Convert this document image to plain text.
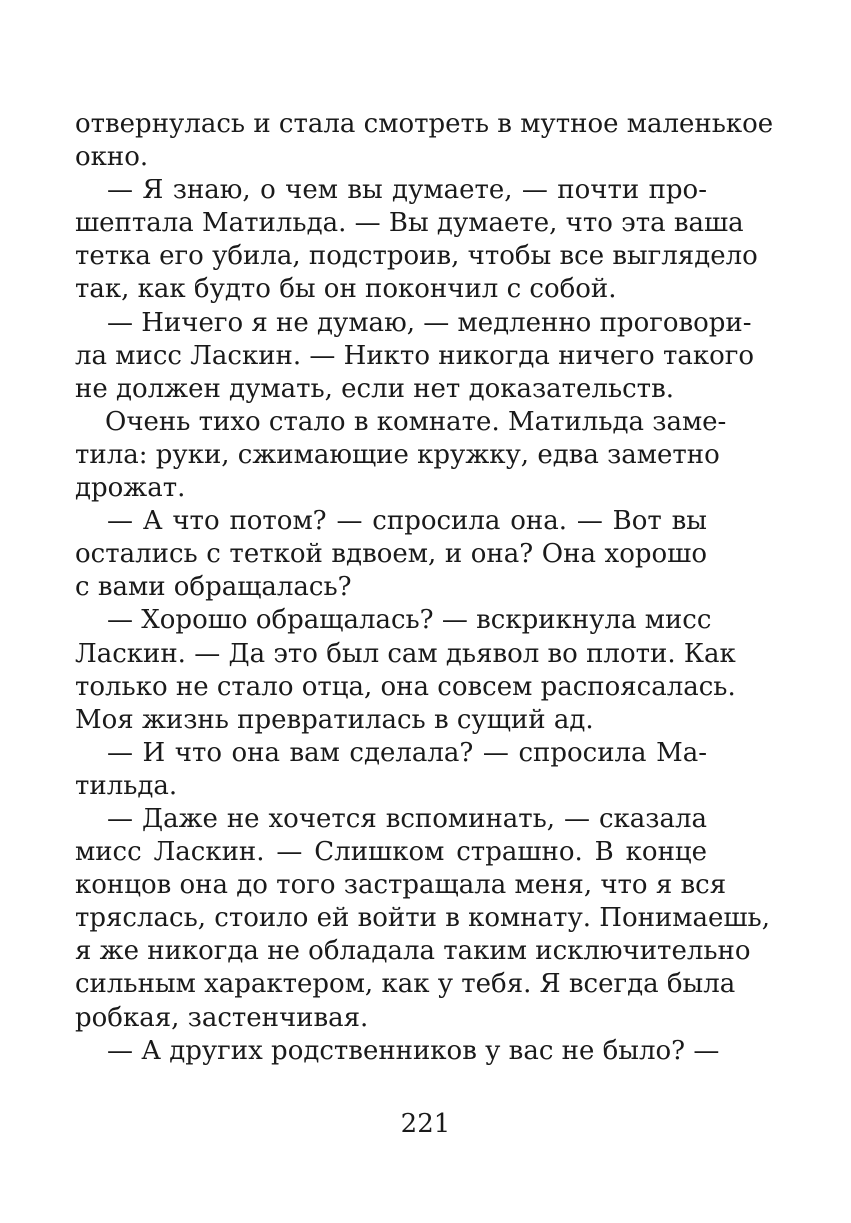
отвернулась и стала смотреть в мутное маленькое
окно.
— Я знаю, о чем вы думаете, — почти про-
шептала Матильда. — Вы думаете, что эта ваша
тетка его убила, подстроив, чтобы все выглядело
так, как будто бы он покончил с собой.
— Ничего я не думаю, — медленно проговори-
ла мисс Ласкин. — Никто никогда ничего такого
не должен думать, если нет доказательств.
Очень тихо стало в комнате. Матильда заме-
тила: руки, сжимающие кружку, едва заметно
дрожат.
— А что потом? — спросила она. — Вот вы
остались с теткой вдвоем, и она? Она хорошо
с вами обращалась?
— Хорошо обращалась? — вскрикнула мисс
Ласкин. — Да это был сам дьявол во плоти. Как
только не стало отца, она совсем распоясалась.
Моя жизнь превратилась в сущий ад.
— И что она вам сделала? — спросила Ма-
тильда.
— Даже не хочется вспоминать, — сказала
мисс Ласкин. — Слишком страшно. В конце
концов она до того застращала меня, что я вся
тряслась, стоило ей войти в комнату. Понимаешь,
я же никогда не обладала таким исключительно
сильным характером, как у тебя. Я всегда была
робкая, застенчивая.
— А других родственников у вас не было? —
221
